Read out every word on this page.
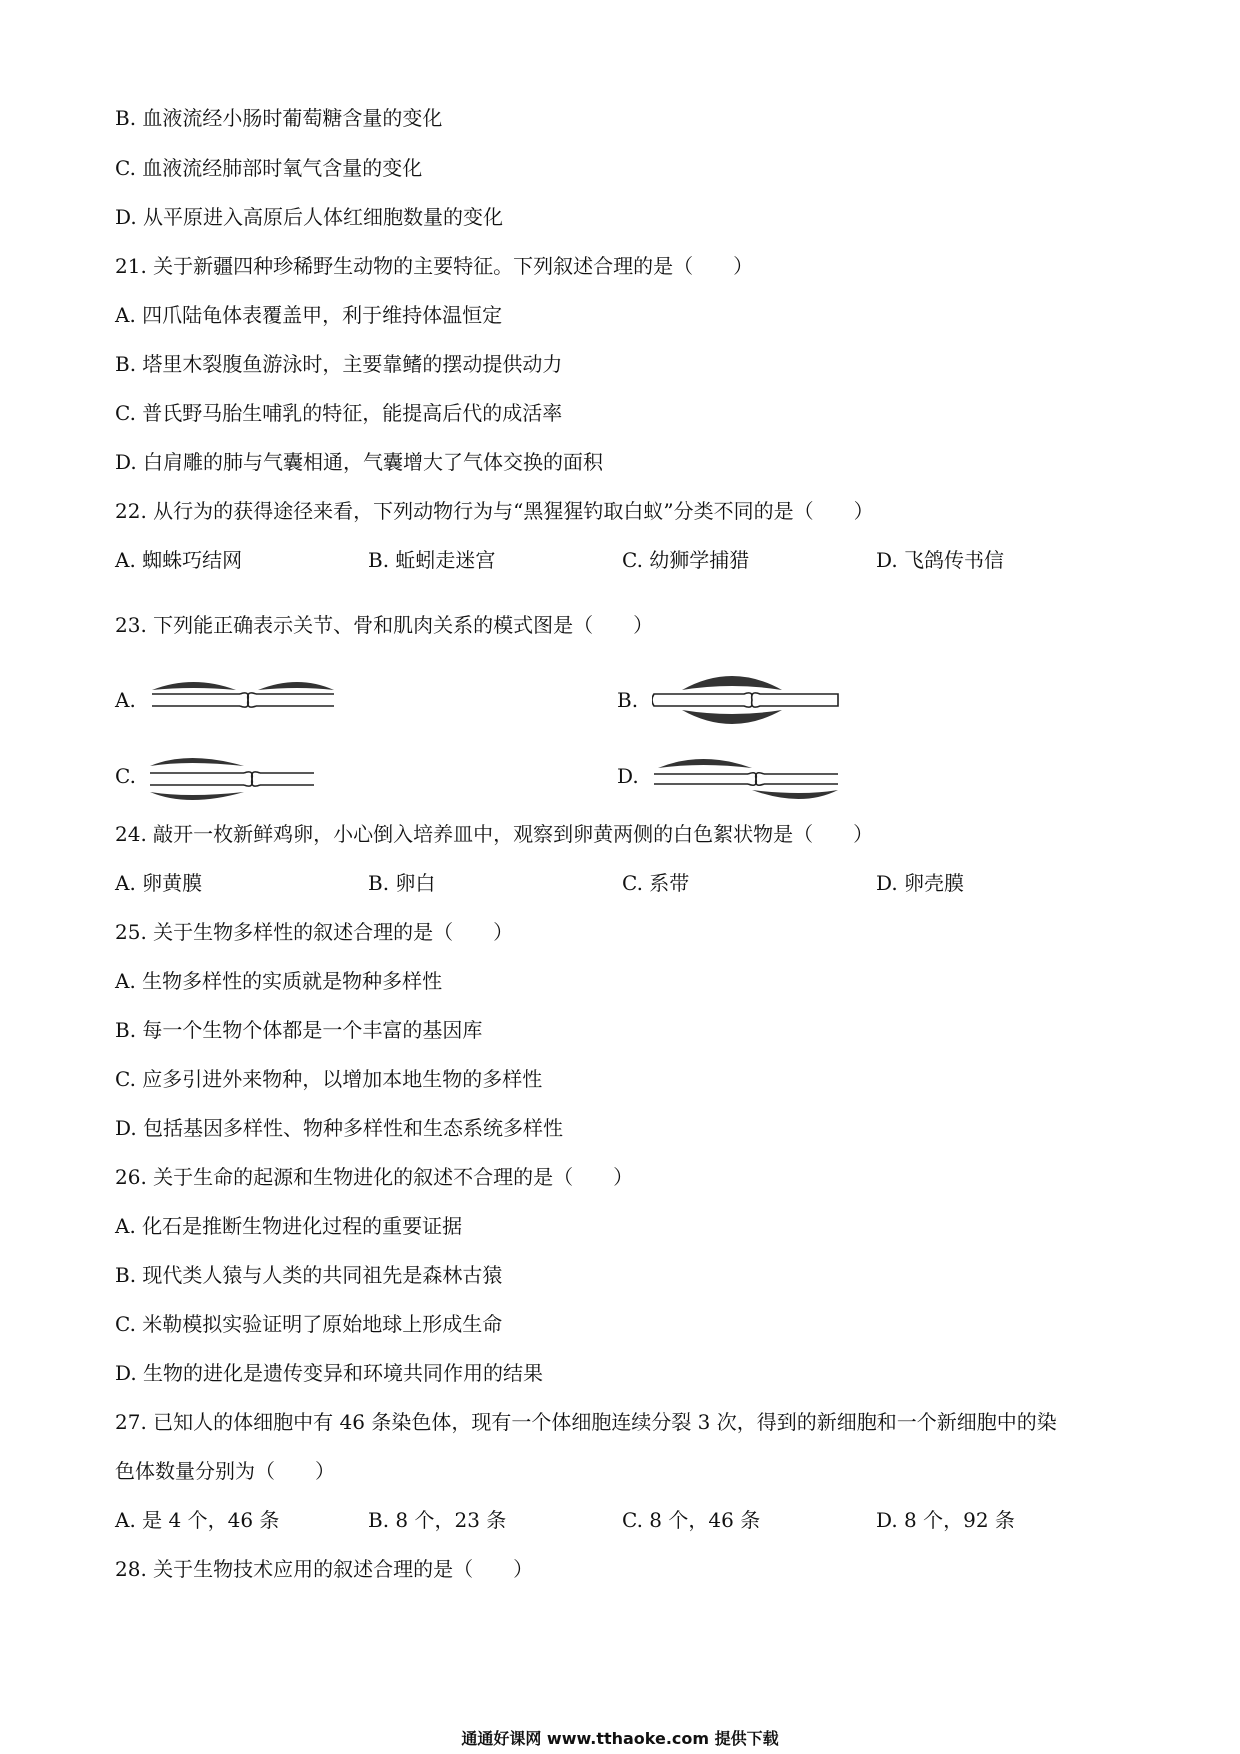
B. 血液流经小肠时葡萄糖含量的变化
C. 血液流经肺部时氧气含量的变化
D. 从平原进入高原后人体红细胞数量的变化
21. 关于新疆四种珍稀野生动物的主要特征。下列叙述合理的是（　　）
A. 四爪陆龟体表覆盖甲，利于维持体温恒定
B. 塔里木裂腹鱼游泳时，主要靠鳍的摆动提供动力
C. 普氏野马胎生哺乳的特征，能提高后代的成活率
D. 白肩雕的肺与气囊相通，气囊增大了气体交换的面积
22. 从行为的获得途径来看，下列动物行为与“黑猩猩钓取白蚁”分类不同的是（　　）
A. 蜘蛛巧结网	B. 蚯蚓走迷宫	C. 幼狮学捕猎	D. 飞鸽传书信
23. 下列能正确表示关节、骨和肌肉关系的模式图是（　　）
A.	B.
C.	D.
24. 敲开一枚新鲜鸡卵，小心倒入培养皿中，观察到卵黄两侧的白色絮状物是（　　）
A. 卵黄膜	B. 卵白	C. 系带	D. 卵壳膜
25. 关于生物多样性的叙述合理的是（　　）
A. 生物多样性的实质就是物种多样性
B. 每一个生物个体都是一个丰富的基因库
C. 应多引进外来物种，以增加本地生物的多样性
D. 包括基因多样性、物种多样性和生态系统多样性
26. 关于生命的起源和生物进化的叙述不合理的是（　　）
A. 化石是推断生物进化过程的重要证据
B. 现代类人猿与人类的共同祖先是森林古猿
C. 米勒模拟实验证明了原始地球上形成生命
D. 生物的进化是遗传变异和环境共同作用的结果
27. 已知人的体细胞中有 46 条染色体，现有一个体细胞连续分裂 3 次，得到的新细胞和一个新细胞中的染
色体数量分别为（　　）
A. 是 4 个，46 条	B. 8 个，23 条	C. 8 个，46 条	D. 8 个，92 条
28. 关于生物技术应用的叙述合理的是（　　）
通通好课网 www.tthaoke.com 提供下载
